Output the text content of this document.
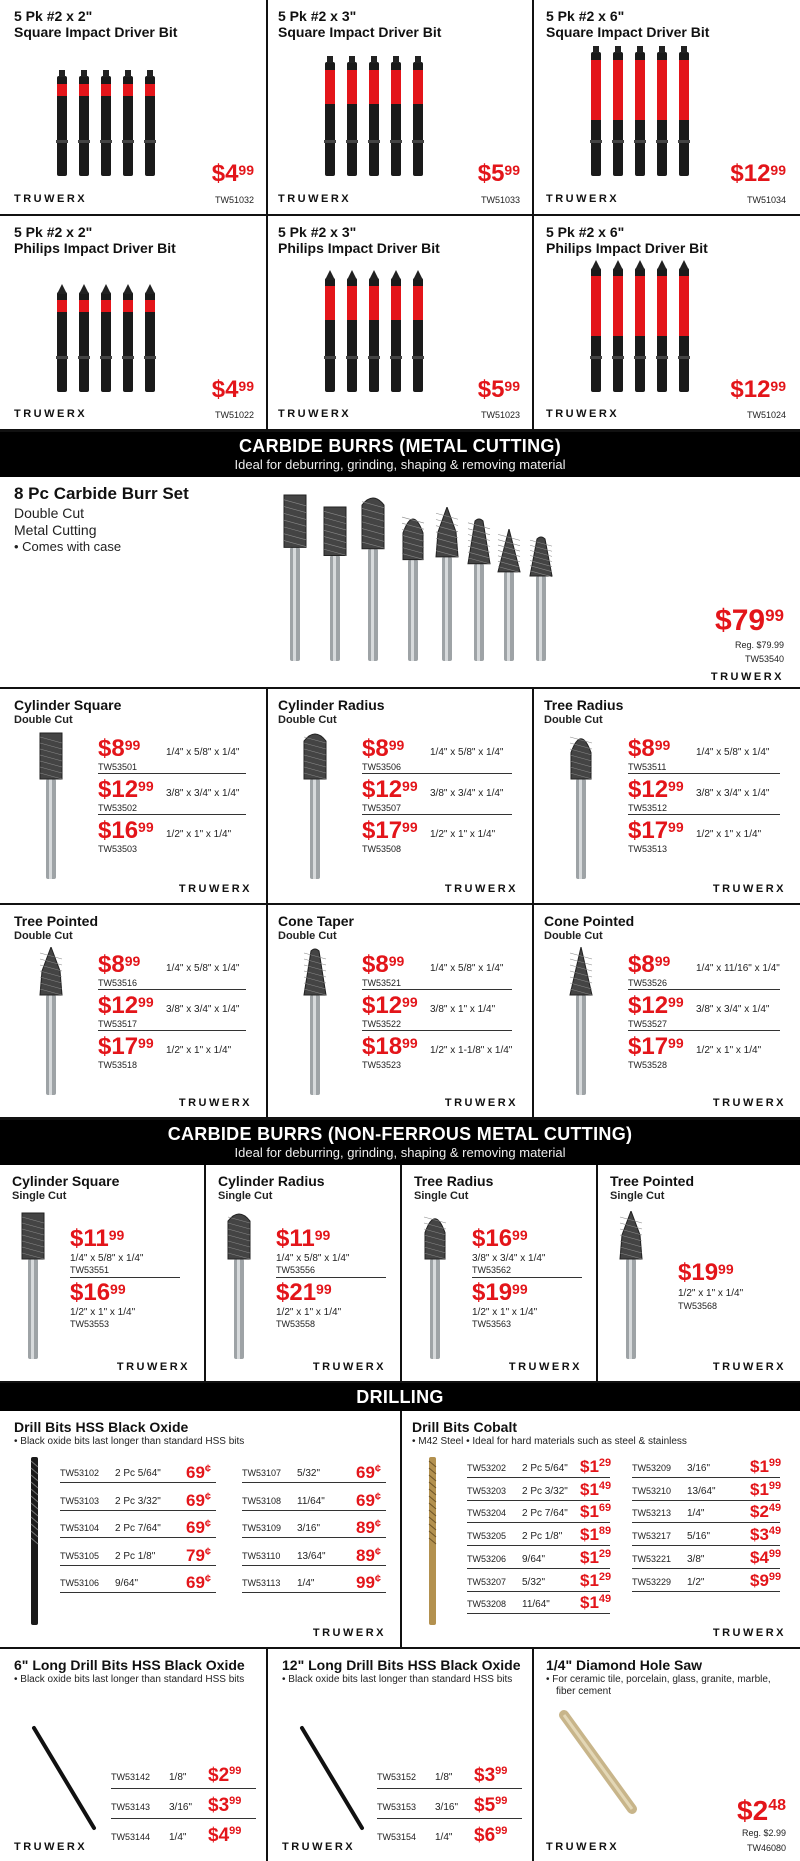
5 Pk #2 x 2"
Square Impact Driver Bit
$499
TRUWERX	TW51032
5 Pk #2 x 3"
Square Impact Driver Bit
$599
TRUWERX	TW51033
5 Pk #2 x 6"
Square Impact Driver Bit
$1299
TRUWERX	TW51034
5 Pk #2 x 2"
Philips Impact Driver Bit
$499
TRUWERX	TW51022
5 Pk #2 x 3"
Philips Impact Driver Bit
$599
TRUWERX	TW51023
5 Pk #2 x 6"
Philips Impact Driver Bit
$1299
TRUWERX	TW51024
CARBIDE BURRS (METAL CUTTING)
Ideal for deburring, grinding, shaping & removing material
8 Pc Carbide Burr Set
Double Cut
Metal Cutting
• Comes with case
$7999
Reg. $79.99
TW53540
TRUWERX
Cylinder Square
Double Cut
$899
TW53501
1/4" x 5/8" x 1/4"
$1299
TW53502
3/8" x 3/4" x 1/4"
$1699
TW53503
1/2" x 1" x 1/4"
TRUWERX
Cylinder Radius
Double Cut
$899
TW53506
1/4" x 5/8" x 1/4"
$1299
TW53507
3/8" x 3/4" x 1/4"
$1799
TW53508
1/2" x 1" x 1/4"
TRUWERX
Tree Radius
Double Cut
$899
TW53511
1/4" x 5/8" x 1/4"
$1299
TW53512
3/8" x 3/4" x 1/4"
$1799
TW53513
1/2" x 1" x 1/4"
TRUWERX
Tree Pointed
Double Cut
$899
TW53516
1/4" x 5/8" x 1/4"
$1299
TW53517
3/8" x 3/4" x 1/4"
$1799
TW53518
1/2" x 1" x 1/4"
TRUWERX
Cone Taper
Double Cut
$899
TW53521
1/4" x 5/8" x 1/4"
$1299
TW53522
3/8" x 1" x 1/4"
$1899
TW53523
1/2" x 1-1/8" x 1/4"
TRUWERX
Cone Pointed
Double Cut
$899
TW53526
1/4" x 11/16" x 1/4"
$1299
TW53527
3/8" x 3/4" x 1/4"
$1799
TW53528
1/2" x 1" x 1/4"
TRUWERX
CARBIDE BURRS (NON-FERROUS METAL CUTTING)
Ideal for deburring, grinding, shaping & removing material
Cylinder Square
Single Cut
$1199
1/4" x 5/8" x 1/4"
TW53551
$1699
1/2" x 1" x 1/4"
TW53553
TRUWERX
Cylinder Radius
Single Cut
$1199
1/4" x 5/8" x 1/4"
TW53556
$2199
1/2" x 1" x 1/4"
TW53558
TRUWERX
Tree Radius
Single Cut
$1699
3/8" x 3/4" x 1/4"
TW53562
$1999
1/2" x 1" x 1/4"
TW53563
TRUWERX
Tree Pointed
Single Cut
$1999
1/2" x 1" x 1/4"
TW53568
TRUWERX
DRILLING
Drill Bits HSS Black Oxide
• Black oxide bits last longer than standard HSS bits
TW53102 2 Pc 5/64" 69¢
TW53103 2 Pc 3/32" 69¢
TW53104 2 Pc 7/64" 69¢
TW53105 2 Pc 1/8" 79¢
TW53106 9/64"	69¢
TW53107 5/32" 69¢
TW53108 11/64" 69¢
TW53109 3/16" 89¢
TW53110 13/64" 89¢
TW53113 1/4" 99¢
TRUWERX
Drill Bits Cobalt
• M42 Steel • Ideal for hard materials such as steel & stainless
TW53202 2 Pc 5/64" $\$1^{29}$
TW53203 2 Pc 3/32" $\$1^{49}$
TW53204 2 Pc 7/64" $\$1^{69}$
TW53205 2 Pc 1/8" $\$1^{89}$
TW53206 9/64" $\$1^{29}$
TW53207 5/32" $\$1^{29}$
TW53208 11/64" $\$1^{49}$
TW53209 3/16" $\$1^{99}$
TW53210 13/64" $\$1^{99}$
TW53213 1/4"	$\$2^{49}$
TW53217 5/16" $\$3^{49}$
TW53221 3/8"	$\$4^{99}$
TW53229 1/2"	$\$9^{99}$
TRUWERX
6" Long Drill Bits HSS Black Oxide
• Black oxide bits last longer than standard HSS bits
TW53142 1/8" $\$2^{99}$
TW53143 3/16" $\$3^{99}$
TW53144 1/4" $\$4^{99}$
TRUWERX
12" Long Drill Bits HSS Black Oxide
• Black oxide bits last longer than standard HSS bits
TW53152 1/8" $\$3^{99}$
TW53153 3/16" $\$5^{99}$
TW53154 1/4" $\$6^{99}$
TRUWERX
1/4" Diamond Hole Saw
• For ceramic tile, porcelain, glass, granite, marble,
fiber cement
$248
Reg. $2.99
TW46080
TRUWERX
